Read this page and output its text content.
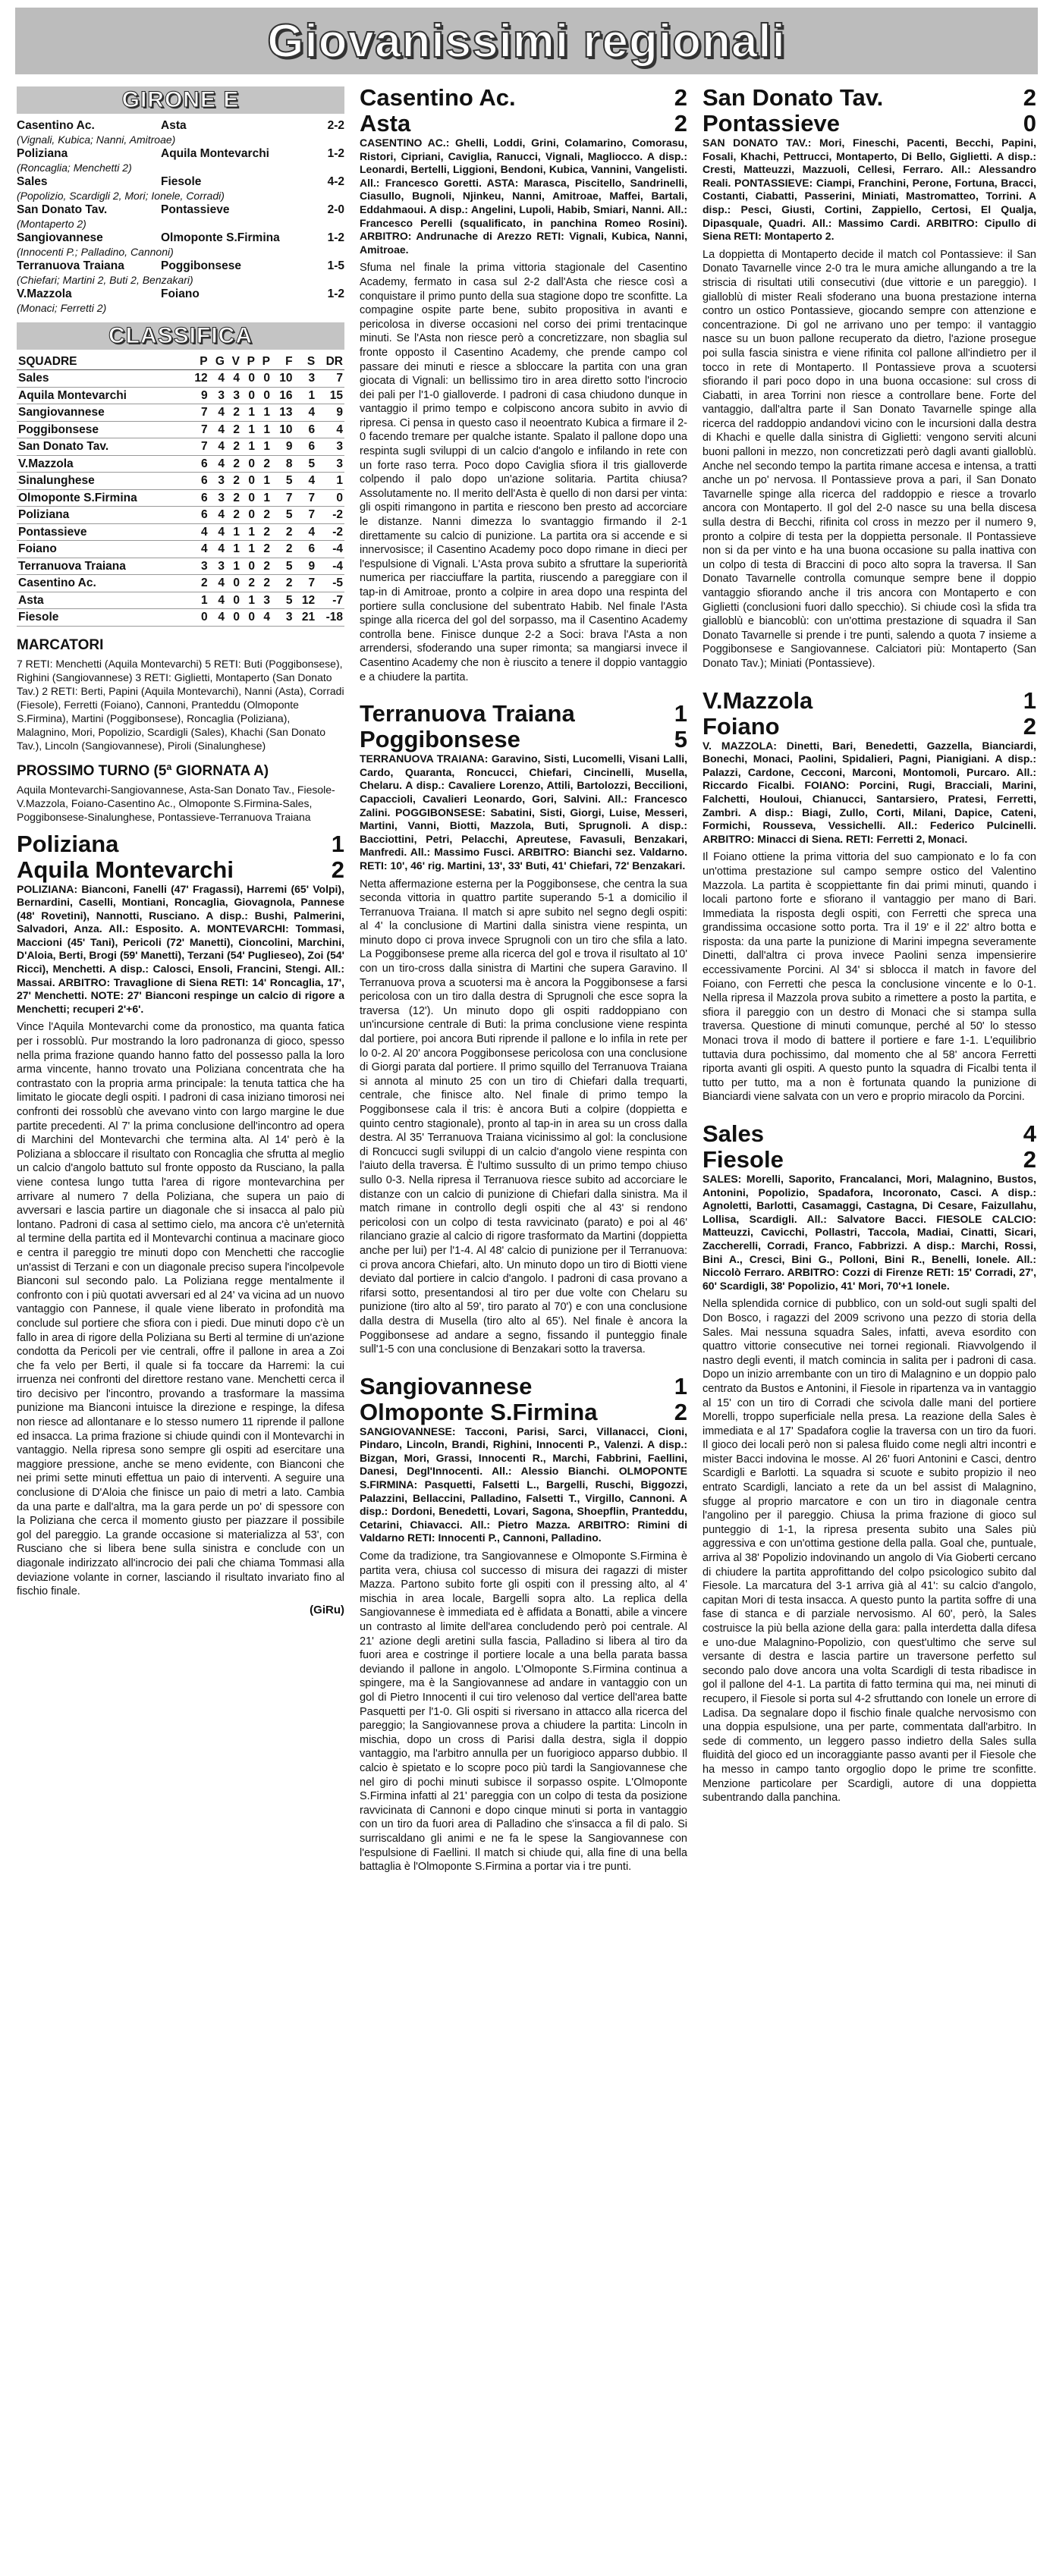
Giovanissimi regionali
GIRONE E
Casentino Ac.	Asta	2-2
(Vignali, Kubica; Nanni, Amitroae)
Poliziana	Aquila Montevarchi	1-2
(Roncaglia; Menchetti 2)
Sales	Fiesole	4-2
(Popolizio, Scardigli 2, Mori; Ionele, Corradi)
San Donato Tav.	Pontassieve	2-0
(Montaperto 2)
Sangiovannese	Olmoponte S.Firmina	1-2
(Innocenti P.; Palladino, Cannoni)
Terranuova Traiana	Poggibonsese	1-5
(Chiefari; Martini 2, Buti 2, Benzakari)
V.Mazzola	Foiano	1-2
(Monaci; Ferretti 2)
CLASSIFICA
SQUADRE	P	G	V	P	P	F	S	DR
Sales	12	4	4	0	0	10	3	7
Aquila Montevarchi	9	3	3	0	0	16	1	15
Sangiovannese	7	4	2	1	1	13	4	9
Poggibonsese	7	4	2	1	1	10	6	4
San Donato Tav.	7	4	2	1	1	9	6	3
V.Mazzola	6	4	2	0	2	8	5	3
Sinalunghese	6	3	2	0	1	5	4	1
Olmoponte S.Firmina	6	3	2	0	1	7	7	0
Poliziana	6	4	2	0	2	5	7	-2
Pontassieve	4	4	1	1	2	2	4	-2
Foiano	4	4	1	1	2	2	6	-4
Terranuova Traiana	3	3	1	0	2	5	9	-4
Casentino Ac.	2	4	0	2	2	2	7	-5
Asta	1	4	0	1	3	5	12	-7
Fiesole	0	4	0	0	4	3	21	-18
MARCATORI
7 RETI: Menchetti (Aquila Montevarchi) 5 RETI: Buti (Poggibonsese), Righini (Sangiovannese) 3 RETI: Giglietti, Montaperto (San Donato Tav.) 2 RETI: Berti, Papini (Aquila Montevarchi), Nanni (Asta), Corradi (Fiesole), Ferretti (Foiano), Cannoni, Pranteddu (Olmoponte S.Firmina), Martini (Poggibonsese), Roncaglia (Poliziana), Malagnino, Mori, Popolizio, Scardigli (Sales), Khachi (San Donato Tav.), Lincoln (Sangiovannese), Piroli (Sinalunghese)
PROSSIMO TURNO (5ª GIORNATA A)
Aquila Montevarchi-Sangiovannese, Asta-San Donato Tav., Fiesole-V.Mazzola, Foiano-Casentino Ac., Olmoponte S.Firmina-Sales, Poggibonsese-Sinalunghese, Pontassieve-Terranuova Traiana
Poliziana	1
Aquila Montevarchi	2
POLIZIANA: Bianconi, Fanelli (47' Fragassi), Harremi (65' Volpi), Bernardini, Caselli, Montiani, Roncaglia, Giovagnola, Pannese (48' Rovetini), Nannotti, Rusciano. A disp.: Bushi, Palmerini, Salvadori, Anza. All.: Esposito. A. MONTEVARCHI: Tommasi, Maccioni (45' Tani), Pericoli (72' Manetti), Cioncolini, Marchini, D'Aloia, Berti, Brogi (59' Manetti), Terzani (54' Puglieseo), Zoi (54' Ricci), Menchetti. A disp.: Calosci, Ensoli, Francini, Stengi. All.: Massai. ARBITRO: Travaglione di Siena RETI: 14' Roncaglia, 17', 27' Menchetti. NOTE: 27' Bianconi respinge un calcio di rigore a Menchetti; recuperi 2'+6'.
Vince l'Aquila Montevarchi come da pronostico, ma quanta fatica per i rossoblù. Pur mostrando la loro padronanza di gioco, spesso nella prima frazione quando hanno fatto del possesso palla la loro arma vincente, hanno trovato una Poliziana concentrata che ha contrastato con la propria arma principale: la tenuta tattica che ha limitato le giocate degli ospiti. I padroni di casa iniziano timorosi nei confronti dei rossoblù che avevano vinto con largo margine le due partite precedenti. Al 7' la prima conclusione dell'incontro ad opera di Marchini del Montevarchi che termina alta. Al 14' però è la Poliziana a sbloccare il risultato con Roncaglia che sfrutta al meglio un calcio d'angolo battuto sul fronte opposto da Rusciano, la palla viene contesa lungo tutta l'area di rigore montevarchina per arrivare al numero 7 della Poliziana, che supera un paio di avversari e lascia partire un diagonale che si insacca al palo più lontano. Padroni di casa al settimo cielo, ma ancora c'è un'eternità al termine della partita ed il Montevarchi continua a macinare gioco e centra il pareggio tre minuti dopo con Menchetti che raccoglie un'assist di Terzani e con un diagonale preciso supera l'incolpevole Bianconi sul secondo palo. La Poliziana regge mentalmente il confronto con i più quotati avversari ed al 24' va vicina ad un nuovo vantaggio con Pannese, il quale viene liberato in profondità ma conclude sul portiere che sfiora con i piedi. Due minuti dopo c'è un fallo in area di rigore della Poliziana su Berti al termine di un'azione condotta da Pericoli per vie centrali, offre il pallone in area a Zoi che fa velo per Berti, il quale si fa toccare da Harremi: la cui irruenza nei confronti del direttore restano vane. Menchetti cerca il tiro decisivo per l'incontro, provando a trasformare la massima punizione ma Bianconi intuisce la direzione e respinge, la difesa non riesce ad allontanare e lo stesso numero 11 riprende il pallone ed insacca. La prima frazione si chiude quindi con il Montevarchi in vantaggio. Nella ripresa sono sempre gli ospiti ad esercitare una maggiore pressione, anche se meno evidente, con Bianconi che nei primi sette minuti effettua un paio di interventi. A seguire una conclusione di D'Aloia che finisce un paio di metri a lato. Cambia da una parte e dall'altra, ma la gara perde un po' di spessore con la Poliziana che cerca il momento giusto per piazzare il possibile gol del pareggio. La grande occasione si materializza al 53', con Rusciano che si libera bene sulla sinistra e conclude con un diagonale indirizzato all'incrocio dei pali che chiama Tommasi alla deviazione volante in corner, lasciando il risultato invariato fino al fischio finale.
(GiRu)
Casentino Ac.	2
Asta	2
CASENTINO AC.: Ghelli, Loddi, Grini, Colamarino, Comorasu, Ristori, Cipriani, Caviglia, Ranucci, Vignali, Magliocco. A disp.: Leonardi, Bertelli, Liggioni, Bendoni, Kubica, Vannini, Vangelisti. All.: Francesco Goretti. ASTA: Marasca, Piscitello, Sandrinelli, Ciasullo, Bugnoli, Njinkeu, Nanni, Amitroae, Maffei, Bartali, Eddahmaoui. A disp.: Angelini, Lupoli, Habib, Smiari, Nanni. All.: Francesco Perelli (squalificato, in panchina Romeo Rosini). ARBITRO: Andrunache di Arezzo RETI: Vignali, Kubica, Nanni, Amitroae.
Sfuma nel finale la prima vittoria stagionale del Casentino Academy, fermato in casa sul 2-2 dall'Asta che riesce così a conquistare il primo punto della sua stagione dopo tre sconfitte. La compagine ospite parte bene, subito propositiva in avanti e pericolosa in diverse occasioni nel corso dei primi trentacinque minuti. Se l'Asta non riesce però a concretizzare, non sbaglia sul fronte opposto il Casentino Academy, che prende campo col passare dei minuti e riesce a sbloccare la partita con una gran giocata di Vignali: un bellissimo tiro in area diretto sotto l'incrocio dei pali per l'1-0 gialloverde. I padroni di casa chiudono dunque in vantaggio il primo tempo e colpiscono ancora subito in avvio di ripresa. Ci pensa in questo caso il neoentrato Kubica a firmare il 2-0 facendo tremare per qualche istante. Spalato il pallone dopo una respinta sugli sviluppi di un calcio d'angolo e infilando in rete con un forte raso terra. Poco dopo Caviglia sfiora il tris gialloverde colpendo il palo dopo un'azione solitaria. Partita chiusa? Assolutamente no. Il merito dell'Asta è quello di non darsi per vinta: gli ospiti rimangono in partita e riescono ben presto ad accorciare le distanze. Nanni dimezza lo svantaggio firmando il 2-1 direttamente su calcio di punizione. La partita ora si accende e si innervosisce; il Casentino Academy poco dopo rimane in dieci per l'espulsione di Vignali. L'Asta prova subito a sfruttare la superiorità numerica per riacciuffare la partita, riuscendo a pareggiare con il tap-in di Amitroae, pronto a colpire in area dopo una respinta del portiere sulla conclusione del subentrato Habib. Nel finale l'Asta spinge alla ricerca del gol del sorpasso, ma il Casentino Academy controlla bene. Finisce dunque 2-2 a Soci: brava l'Asta a non arrendersi, sfoderando una super rimonta; sa mangiarsi invece il Casentino Academy che non è riuscito a tenere il doppio vantaggio e a chiudere la partita.
Terranuova Traiana	1
Poggibonsese	5
TERRANUOVA TRAIANA: Garavino, Sisti, Lucomelli, Visani Lalli, Cardo, Quaranta, Roncucci, Chiefari, Cincinelli, Musella, Chelaru. A disp.: Cavaliere Lorenzo, Attili, Bartolozzi, Beccilioni, Capaccioli, Cavalieri Leonardo, Gori, Salvini. All.: Francesco Zalini. POGGIBONSESE: Sabatini, Sisti, Giorgi, Luise, Messeri, Martini, Vanni, Biotti, Mazzola, Buti, Sprugnoli. A disp.: Bacciottini, Petri, Pelacchi, Apreutese, Favasuli, Benzakari, Manfredi. All.: Massimo Fusci. ARBITRO: Bianchi sez. Valdarno. RETI: 10', 46' rig. Martini, 13', 33' Buti, 41' Chiefari, 72' Benzakari.
Netta affermazione esterna per la Poggibonsese, che centra la sua seconda vittoria in quattro partite superando 5-1 a domicilio il Terranuova Traiana. Il match si apre subito nel segno degli ospiti: al 4' la conclusione di Martini dalla sinistra viene respinta, un minuto dopo ci prova invece Sprugnoli con un tiro che sfila a lato. La Poggibonsese preme alla ricerca del gol e trova il risultato al 10' con un tiro-cross dalla sinistra di Martini che supera Garavino. Il Terranuova prova a scuotersi ma è ancora la Poggibonsese a farsi pericolosa con un tiro dalla destra di Sprugnoli che esce sopra la traversa (12'). Un minuto dopo gli ospiti raddoppiano con un'incursione centrale di Buti: la prima conclusione viene respinta dal portiere, poi ancora Buti riprende il pallone e lo infila in rete per lo 0-2. Al 20' ancora Poggibonsese pericolosa con una conclusione di Giorgi parata dal portiere. Il primo squillo del Terranuova Traiana si annota al minuto 25 con un tiro di Chiefari dalla trequarti, centrale, che finisce alto. Nel finale di primo tempo la Poggibonsese cala il tris: è ancora Buti a colpire (doppietta e quinto centro stagionale), pronto al tap-in in area su un cross dalla destra. Al 35' Terranuova Traiana vicinissimo al gol: la conclusione di Roncucci sugli sviluppi di un calcio d'angolo viene respinta con l'aiuto della traversa. È l'ultimo sussulto di un primo tempo chiuso sullo 0-3. Nella ripresa il Terranuova riesce subito ad accorciare le distanze con un calcio di punizione di Chiefari dalla sinistra. Ma il match rimane in controllo degli ospiti che al 43' si rendono pericolosi con un colpo di testa ravvicinato (parato) e poi al 46' rilanciano grazie al calcio di rigore trasformato da Martini (doppietta anche per lui) per l'1-4. Al 48' calcio di punizione per il Terranuova: ci prova ancora Chiefari, alto. Un minuto dopo un tiro di Biotti viene deviato dal portiere in calcio d'angolo. I padroni di casa provano a rifarsi sotto, presentandosi al tiro per due volte con Chelaru su punizione (tiro alto al 59', tiro parato al 70') e con una conclusione dalla destra di Musella (tiro alto al 65'). Nel finale è ancora la Poggibonsese ad andare a segno, fissando il punteggio finale sull'1-5 con una conclusione di Benzakari sotto la traversa.
Sangiovannese	1
Olmoponte S.Firmina	2
SANGIOVANNESE: Tacconi, Parisi, Sarci, Villanacci, Cioni, Pindaro, Lincoln, Brandi, Righini, Innocenti P., Valenzi. A disp.: Bizgan, Mori, Grassi, Innocenti R., Marchi, Fabbrini, Faellini, Danesi, Degl'Innocenti. All.: Alessio Bianchi. OLMOPONTE S.FIRMINA: Pasquetti, Falsetti L., Bargelli, Ruschi, Biggozzi, Palazzini, Bellaccini, Palladino, Falsetti T., Virgillo, Cannoni. A disp.: Dordoni, Benedetti, Lovari, Sagona, Shoepflin, Pranteddu, Cetarini, Chiavacci. All.: Pietro Mazza. ARBITRO: Rimini di Valdarno RETI: Innocenti P., Cannoni, Palladino.
Come da tradizione, tra Sangiovannese e Olmoponte S.Firmina è partita vera, chiusa col successo di misura dei ragazzi di mister Mazza. Partono subito forte gli ospiti con il pressing alto, al 4' mischia in area locale, Bargelli sopra alto. La replica della Sangiovannese è immediata ed è affidata a Bonatti, abile a vincere un contrasto al limite dell'area concludendo però poi centrale. Al 21' azione degli aretini sulla fascia, Palladino si libera al tiro da fuori area e costringe il portiere locale a una bella parata bassa deviando il pallone in angolo. L'Olmoponte S.Firmina continua a spingere, ma è la Sangiovannese ad andare in vantaggio con un gol di Pietro Innocenti il cui tiro velenoso dal vertice dell'area batte Pasquetti per l'1-0. Gli ospiti si riversano in attacco alla ricerca del pareggio; la Sangiovannese prova a chiudere la partita: Lincoln in mischia, dopo un cross di Parisi dalla destra, sigla il doppio vantaggio, ma l'arbitro annulla per un fuorigioco apparso dubbio. Il calcio è spietato e lo scopre poco più tardi la Sangiovannese che nel giro di pochi minuti subisce il sorpasso ospite. L'Olmoponte S.Firmina infatti al 21' pareggia con un colpo di testa da posizione ravvicinata di Cannoni e dopo cinque minuti si porta in vantaggio con un tiro da fuori area di Palladino che s'insacca a fil di palo. Si surriscaldano gli animi e ne fa le spese la Sangiovannese con l'espulsione di Faellini. Il match si chiude qui, alla fine di una bella battaglia è l'Olmoponte S.Firmina a portar via i tre punti.
San Donato Tav.	2
Pontassieve	0
SAN DONATO TAV.: Mori, Fineschi, Pacenti, Becchi, Papini, Fosali, Khachi, Pettrucci, Montaperto, Di Bello, Giglietti. A disp.: Cresti, Matteuzzi, Mazzuoli, Cellesi, Ferraro. All.: Alessandro Reali. PONTASSIEVE: Ciampi, Franchini, Perone, Fortuna, Bracci, Costanti, Ciabatti, Passerini, Miniati, Mastromatteo, Torrini. A disp.: Pesci, Giusti, Cortini, Zappiello, Certosi, El Qualja, Dipasquale, Quadri. All.: Massimo Cardi. ARBITRO: Cipullo di Siena RETI: Montaperto 2.
La doppietta di Montaperto decide il match col Pontassieve: il San Donato Tavarnelle vince 2-0 tra le mura amiche allungando a tre la striscia di risultati utili consecutivi (due vittorie e un pareggio). I gialloblù di mister Reali sfoderano una buona prestazione interna contro un ostico Pontassieve, giocando sempre con attenzione e concentrazione. Di gol ne arrivano uno per tempo: il vantaggio nasce su un buon pallone recuperato da dietro, l'azione prosegue poi sulla fascia sinistra e viene rifinita col pallone all'indietro per il tocco in rete di Montaperto. Il Pontassieve prova a scuotersi sfiorando il pari poco dopo in una buona occasione: sul cross di Ciabatti, in area Torrini non riesce a controllare bene. Forte del vantaggio, dall'altra parte il San Donato Tavarnelle spinge alla ricerca del raddoppio andandovi vicino con le incursioni dalla destra di Khachi e quelle dalla sinistra di Giglietti: vengono serviti alcuni buoni palloni in mezzo, non concretizzati però dagli avanti gialloblù. Anche nel secondo tempo la partita rimane accesa e intensa, a tratti anche un po' nervosa. Il Pontassieve prova a pari, il San Donato Tavarnelle spinge alla ricerca del raddoppio e riesce a trovarlo ancora con Montaperto. Il gol del 2-0 nasce su una bella discesa sulla destra di Becchi, rifinita col cross in mezzo per il numero 9, pronto a colpire di testa per la doppietta personale. Il Pontassieve non si da per vinto e ha una buona occasione su palla inattiva con un colpo di testa di Braccini di poco alto sopra la traversa. Il San Donato Tavarnelle controlla comunque sempre bene il doppio vantaggio sfiorando anche il tris ancora con Montaperto e con Giglietti (conclusioni fuori dallo specchio). Si chiude così la sfida tra gialloblù e biancoblù: con un'ottima prestazione di squadra il San Donato Tavarnelle si prende i tre punti, salendo a quota 7 insieme a Poggibonsese e Sangiovannese. Calciatori più: Montaperto (San Donato Tav.); Miniati (Pontassieve).
V.Mazzola	1
Foiano	2
V. MAZZOLA: Dinetti, Bari, Benedetti, Gazzella, Bianciardi, Bonechi, Monaci, Paolini, Spidalieri, Pagni, Pianigiani. A disp.: Palazzi, Cardone, Cecconi, Marconi, Montomoli, Purcaro. All.: Riccardo Ficalbi. FOIANO: Porcini, Rugi, Bracciali, Marini, Falchetti, Houloui, Chianucci, Santarsiero, Pratesi, Ferretti, Zambri. A disp.: Biagi, Zullo, Corti, Milani, Dapice, Cateni, Formichi, Rousseva, Vessichelli. All.: Federico Pulcinelli. ARBITRO: Minacci di Siena. RETI: Ferretti 2, Monaci.
Il Foiano ottiene la prima vittoria del suo campionato e lo fa con un'ottima prestazione sul campo sempre ostico del Valentino Mazzola. La partita è scoppiettante fin dai primi minuti, quando i locali partono forte e sfiorano il vantaggio per mano di Bari. Immediata la risposta degli ospiti, con Ferretti che spreca una grandissima occasione sotto porta. Tra il 19' e il 22' altro botta e risposta: da una parte la punizione di Marini impegna severamente Dinetti, dall'altra ci prova invece Paolini senza impensierire eccessivamente Porcini. Al 34' si sblocca il match in favore del Foiano, con Ferretti che pesca la conclusione vincente e lo 0-1. Nella ripresa il Mazzola prova subito a rimettere a posto la partita, e sfiora il pareggio con un destro di Monaci che si stampa sulla traversa. Questione di minuti comunque, perché al 50' lo stesso Monaci trova il modo di battere il portiere e fare 1-1. L'equilibrio tuttavia dura pochissimo, dal momento che al 58' ancora Ferretti riporta avanti gli ospiti. A questo punto la squadra di Ficalbi tenta il tutto per tutto, ma a non è fortunata quando la punizione di Bianciardi viene salvata con un vero e proprio miracolo da Porcini.
Sales	4
Fiesole	2
SALES: Morelli, Saporito, Francalanci, Mori, Malagnino, Bustos, Antonini, Popolizio, Spadafora, Incoronato, Casci. A disp.: Agnoletti, Barlotti, Casamaggi, Castagna, Di Cesare, Faizullahu, Lollisa, Scardigli. All.: Salvatore Bacci. FIESOLE CALCIO: Matteuzzi, Cavicchi, Pollastri, Taccola, Madiai, Cinatti, Sicari, Zaccherelli, Corradi, Franco, Fabbrizzi. A disp.: Marchi, Rossi, Bini A., Cresci, Bini G., Polloni, Bini R., Benelli, Ionele. All.: Niccolò Ferraro. ARBITRO: Cozzi di Firenze RETI: 15' Corradi, 27', 60' Scardigli, 38' Popolizio, 41' Mori, 70'+1 Ionele.
Nella splendida cornice di pubblico, con un sold-out sugli spalti del Don Bosco, i ragazzi del 2009 scrivono una pezzo di storia della Sales. Mai nessuna squadra Sales, infatti, aveva esordito con quattro vittorie consecutive nei tornei regionali. Riavvolgendo il nastro degli eventi, il match comincia in salita per i padroni di casa. Dopo un inizio arrembante con un tiro di Malagnino e un doppio palo centrato da Bustos e Antonini, il Fiesole in ripartenza va in vantaggio al 15' con un tiro di Corradi che scivola dalle mani del portiere Morelli, troppo superficiale nella presa. La reazione della Sales è immediata e al 17' Spadafora coglie la traversa con un tiro da fuori. Il gioco dei locali però non si palesa fluido come negli altri incontri e mister Bacci indovina le mosse. Al 26' fuori Antonini e Casci, dentro Scardigli e Barlotti. La squadra si scuote e subito propizio il neo entrato Scardigli, lanciato a rete da un bel assist di Malagnino, sfugge al proprio marcatore e con un tiro in diagonale centra l'angolino per il pareggio. Chiusa la prima frazione di gioco sul punteggio di 1-1, la ripresa presenta subito una Sales più aggressiva e con un'ottima gestione della palla. Goal che, puntuale, arriva al 38' Popolizio indovinando un angolo di Via Gioberti cercano di chiudere la partita approfittando del colpo psicologico subito dal Fiesole. La marcatura del 3-1 arriva già al 41': su calcio d'angolo, capitan Mori di testa insacca. A questo punto la partita soffre di una fase di stanca e di parziale nervosismo. Al 60', però, la Sales costruisce la più bella azione della gara: palla interdetta dalla difesa e uno-due Malagnino-Popolizio, con quest'ultimo che serve sul versante di destra e lascia partire un traversone perfetto sul secondo palo dove ancora una volta Scardigli di testa ribadisce in gol il pallone del 4-1. La partita di fatto termina qui ma, nei minuti di recupero, il Fiesole si porta sul 4-2 sfruttando con Ionele un errore di Ladisa. Da segnalare dopo il fischio finale qualche nervosismo con una doppia espulsione, una per parte, commentata dall'arbitro. In sede di commento, un leggero passo indietro della Sales sulla fluidità del gioco ed un incoraggiante passo avanti per il Fiesole che ha messo in campo tanto orgoglio dopo le prime tre sconfitte. Menzione particolare per Scardigli, autore di una doppietta subentrando dalla panchina.
